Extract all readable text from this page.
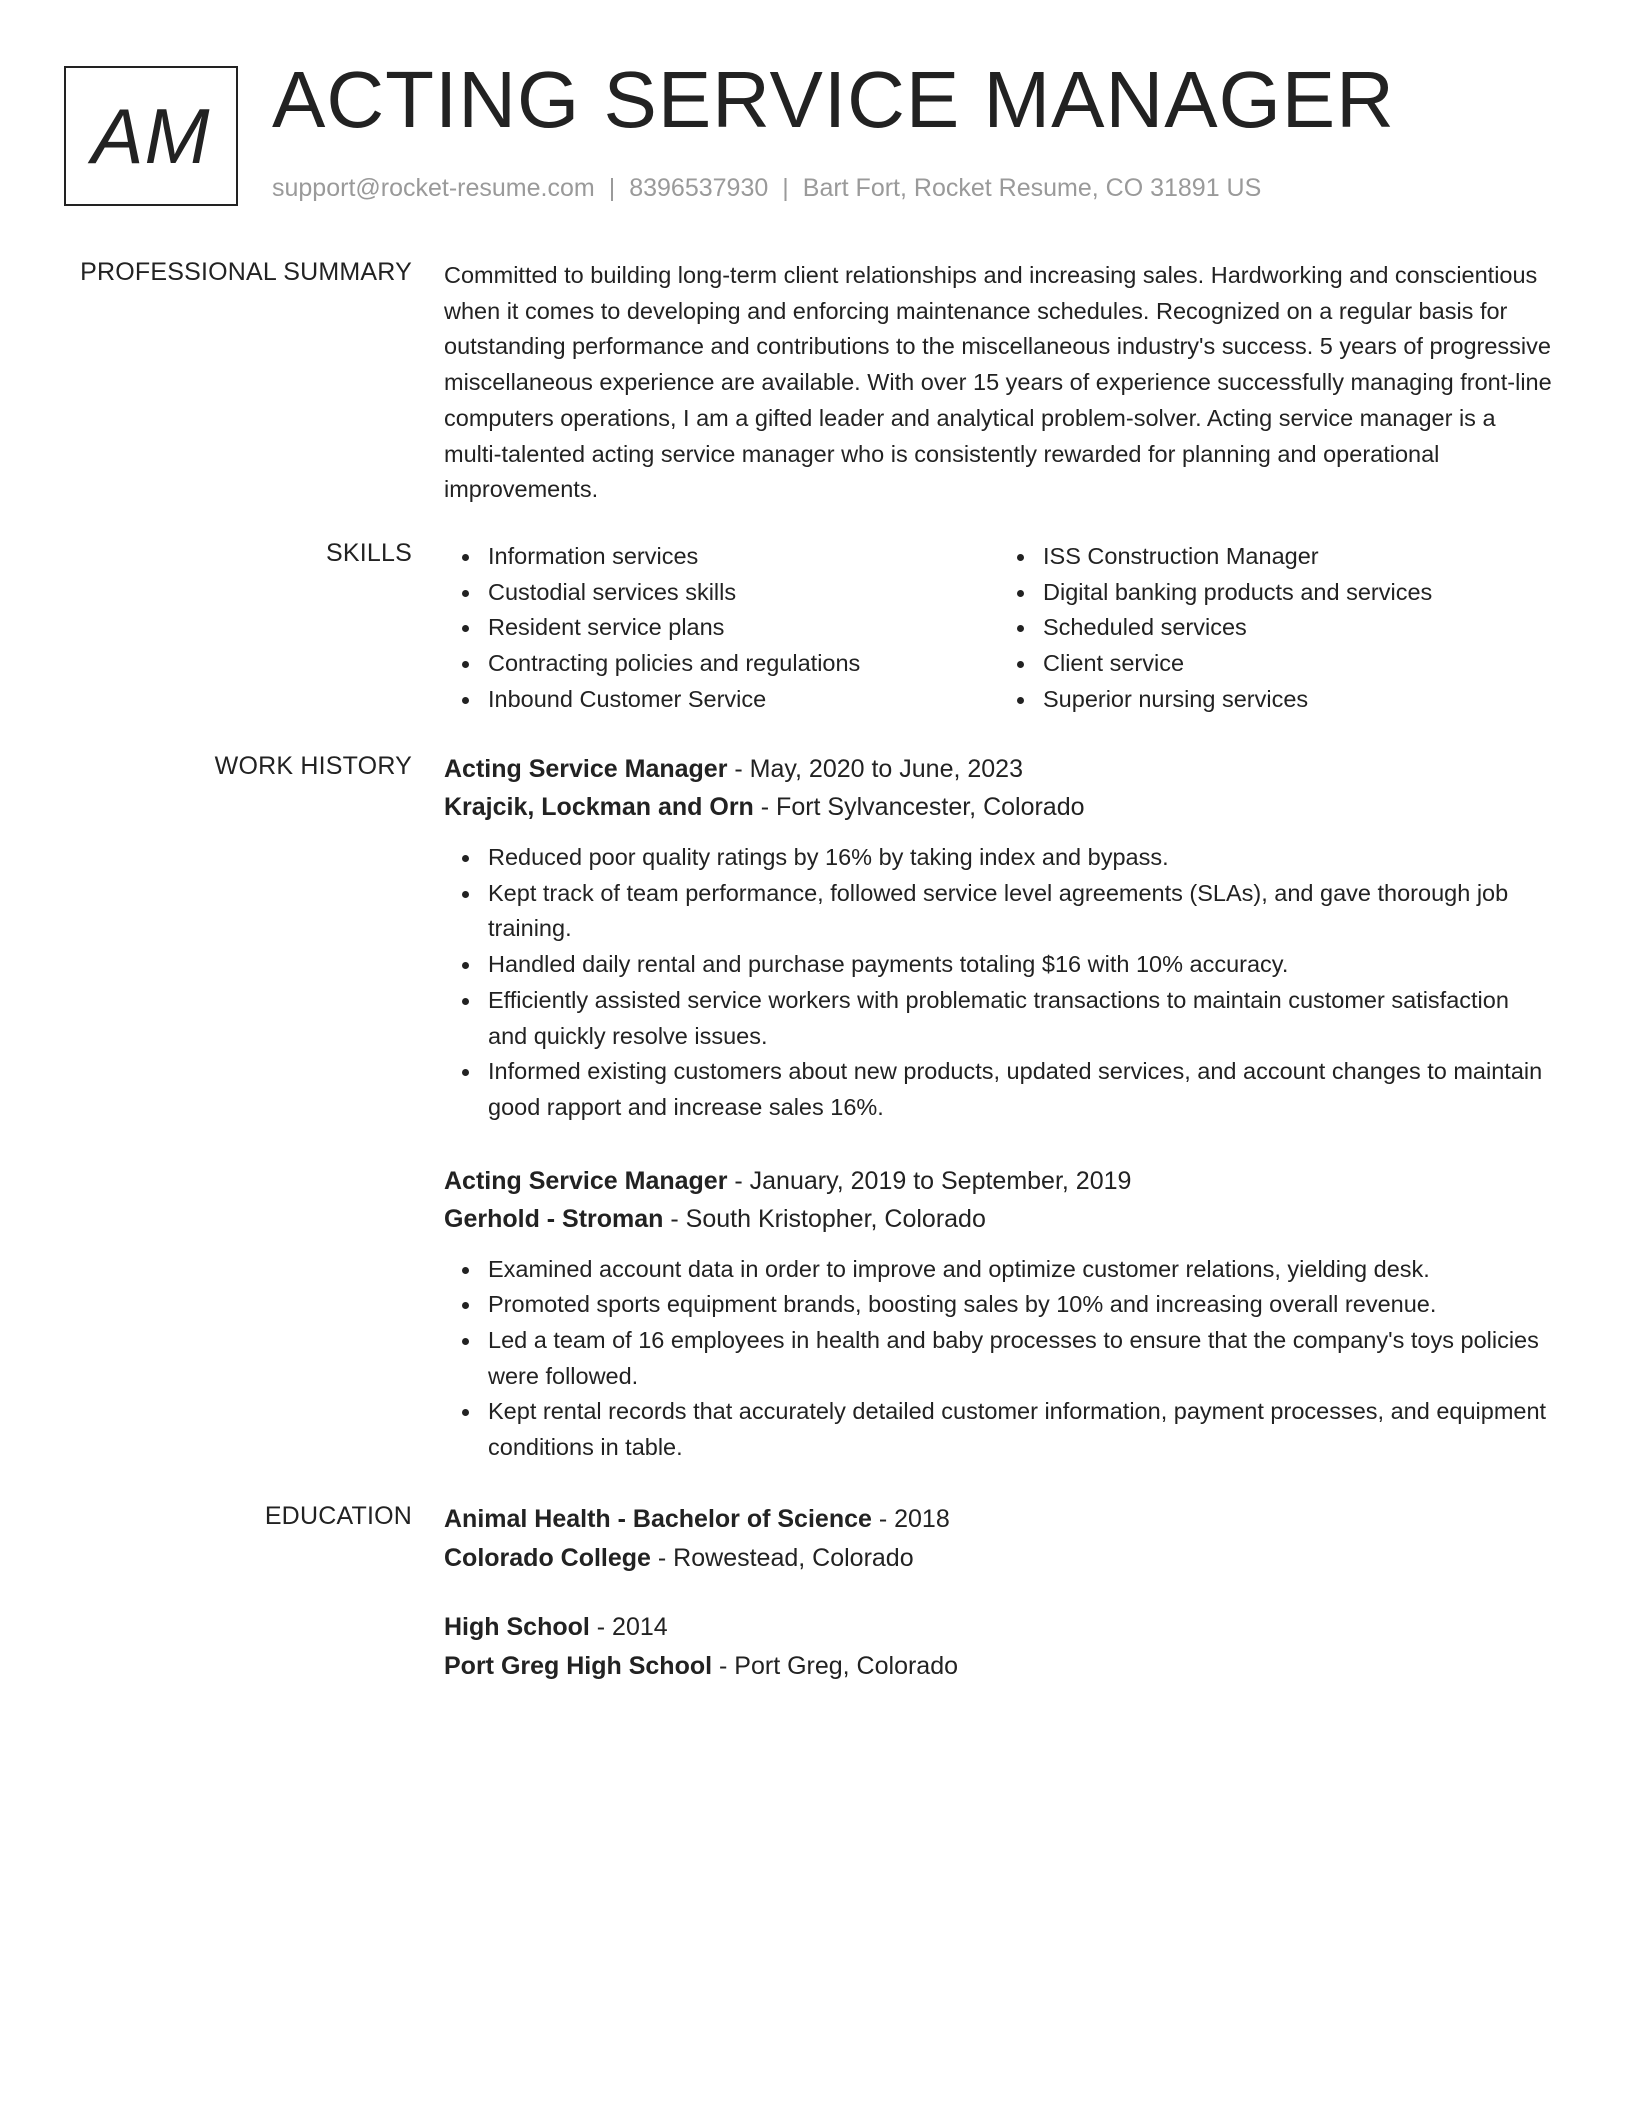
AM ACTING SERVICE MANAGER
support@rocket-resume.com | 8396537930 | Bart Fort, Rocket Resume, CO 31891 US
PROFESSIONAL SUMMARY Committed to building long-term client relationships and increasing sales. Hardworking and conscientious when it comes to developing and enforcing maintenance schedules. Recognized on a regular basis for outstanding performance and contributions to the miscellaneous industry's success. 5 years of progressive miscellaneous experience are available. With over 15 years of experience successfully managing front-line computers operations, I am a gifted leader and analytical problem-solver. Acting service manager is a multi-talented acting service manager who is consistently rewarded for planning and operational improvements.

SKILLS	Information services
Custodial services skills
Resident service plans
Contracting policies and regulations
Inbound Customer Service
ISS Construction Manager
Digital banking products and services
Scheduled services
Client service
Superior nursing services
WORK HISTORY Acting Service Manager - May, 2020 to June, 2023
Krajcik, Lockman and Orn - Fort Sylvancester, Colorado
Reduced poor quality ratings by 16% by taking index and bypass.
Kept track of team performance, followed service level agreements (SLAs), and gave thorough job training.
Handled daily rental and purchase payments totaling $16 with 10% accuracy.
Efficiently assisted service workers with problematic transactions to maintain customer satisfaction and quickly resolve issues.
Informed existing customers about new products, updated services, and account changes to maintain good rapport and increase sales 16%.
Acting Service Manager - January, 2019 to September, 2019
Gerhold - Stroman - South Kristopher, Colorado
Examined account data in order to improve and optimize customer relations, yielding desk.
Promoted sports equipment brands, boosting sales by 10% and increasing overall revenue.
Led a team of 16 employees in health and baby processes to ensure that the company's toys policies were followed.
Kept rental records that accurately detailed customer information, payment processes, and equipment conditions in table.
EDUCATION Animal Health - Bachelor of Science - 2018
Colorado College - Rowestead, Colorado
High School - 2014
Port Greg High School - Port Greg, Colorado
